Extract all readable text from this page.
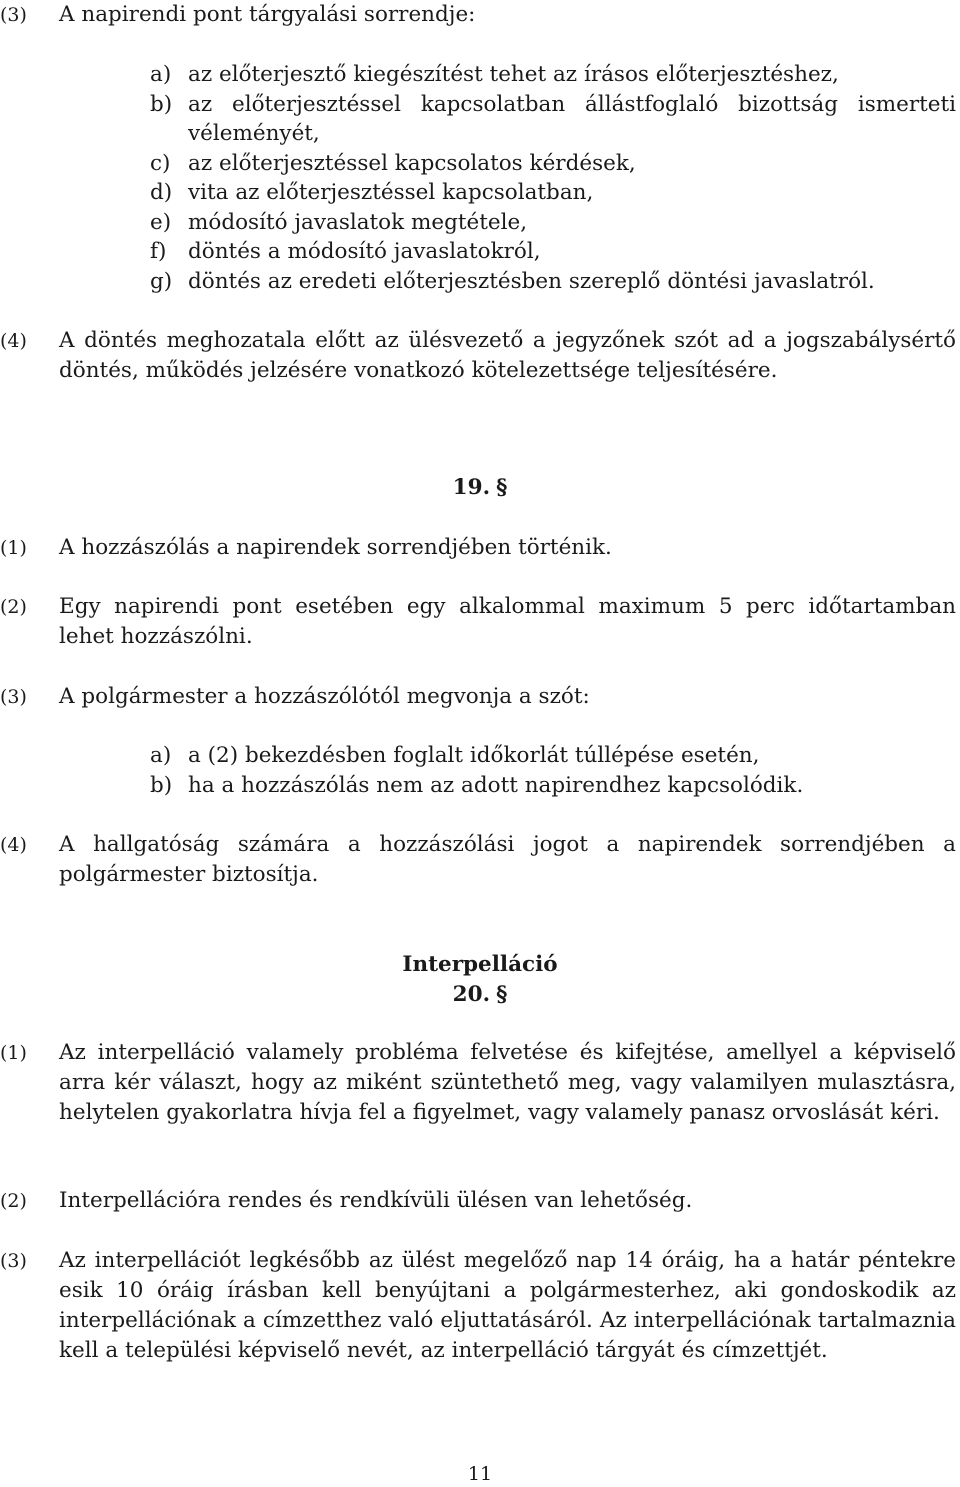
(3) A napirendi pont tárgyalási sorrendje:
a) az előterjesztő kiegészítést tehet az írásos előterjesztéshez,
b) az előterjesztéssel kapcsolatban állástfoglaló bizottság ismerteti véleményét,
c) az előterjesztéssel kapcsolatos kérdések,
d) vita az előterjesztéssel kapcsolatban,
e) módosító javaslatok megtétele,
f) döntés a módosító javaslatokról,
g) döntés az eredeti előterjesztésben szereplő döntési javaslatról.
(4) A döntés meghozatala előtt az ülésvezető a jegyzőnek szót ad a jogszabálysértő döntés, működés jelzésére vonatkozó kötelezettsége teljesítésére.
19. §
(1) A hozzászólás a napirendek sorrendjében történik.
(2) Egy napirendi pont esetében egy alkalommal maximum 5 perc időtartamban lehet hozzászólni.
(3) A polgármester a hozzászólótól megvonja a szót:
a) a (2) bekezdésben foglalt időkorlát túllépése esetén,
b) ha a hozzászólás nem az adott napirendhez kapcsolódik.
(4) A hallgatóság számára a hozzászólási jogot a napirendek sorrendjében a polgármester biztosítja.
Interpelláció
20. §
(1) Az interpelláció valamely probléma felvetése és kifejtése, amellyel a képviselő arra kér választ, hogy az miként szüntethető meg, vagy valamilyen mulasztásra, helytelen gyakorlatra hívja fel a figyelmet, vagy valamely panasz orvoslását kéri.
(2) Interpellációra rendes és rendkívüli ülésen van lehetőség.
(3) Az interpellációt legkésőbb az ülést megelőző nap 14 óráig, ha a határ péntekre esik 10 óráig írásban kell benyújtani a polgármesterhez, aki gondoskodik az interpellációnak a címzetthez való eljuttatásáról. Az interpellációnak tartalmaznia kell a települési képviselő nevét, az interpelláció tárgyát és címzettjét.
11
